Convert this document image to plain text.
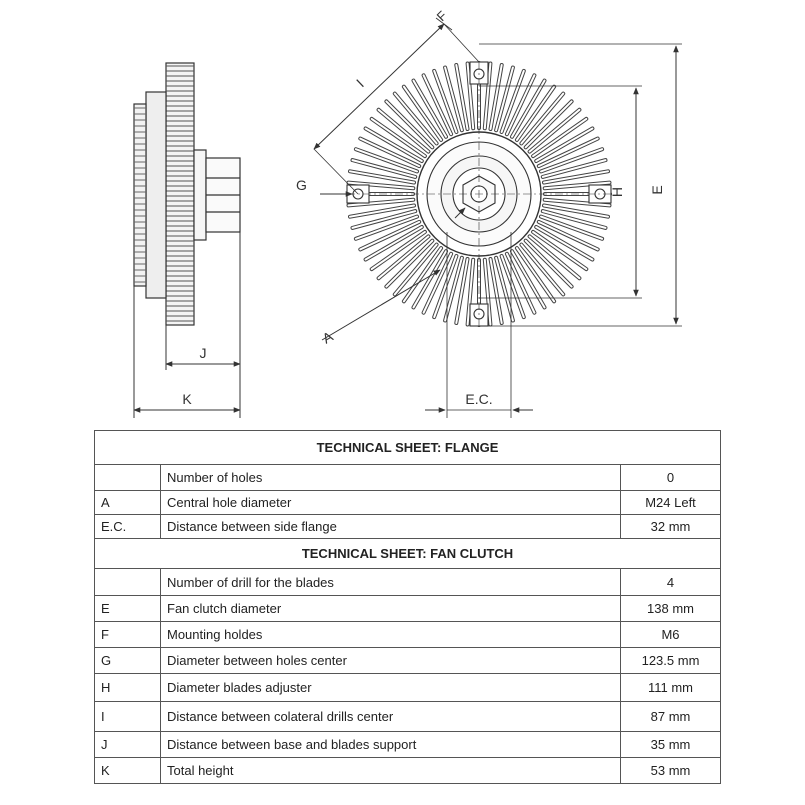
J
K
I
F
A
G	H E
E.C.
TECHNICAL SHEET: FLANGE		
	Number of holes	0
A	Central hole diameter	M24 Left
E.C.	Distance between side flange	32 mm
TECHNICAL SHEET: FAN CLUTCH		
	Number of drill for the blades	4
E	Fan clutch diameter	138 mm
F	Mounting holdes	M6
G	Diameter between holes center	123.5 mm
H	Diameter blades adjuster	111 mm
I	Distance between colateral drills center	87 mm
J	Distance between base and blades support	35 mm
K	Total height	53 mm
